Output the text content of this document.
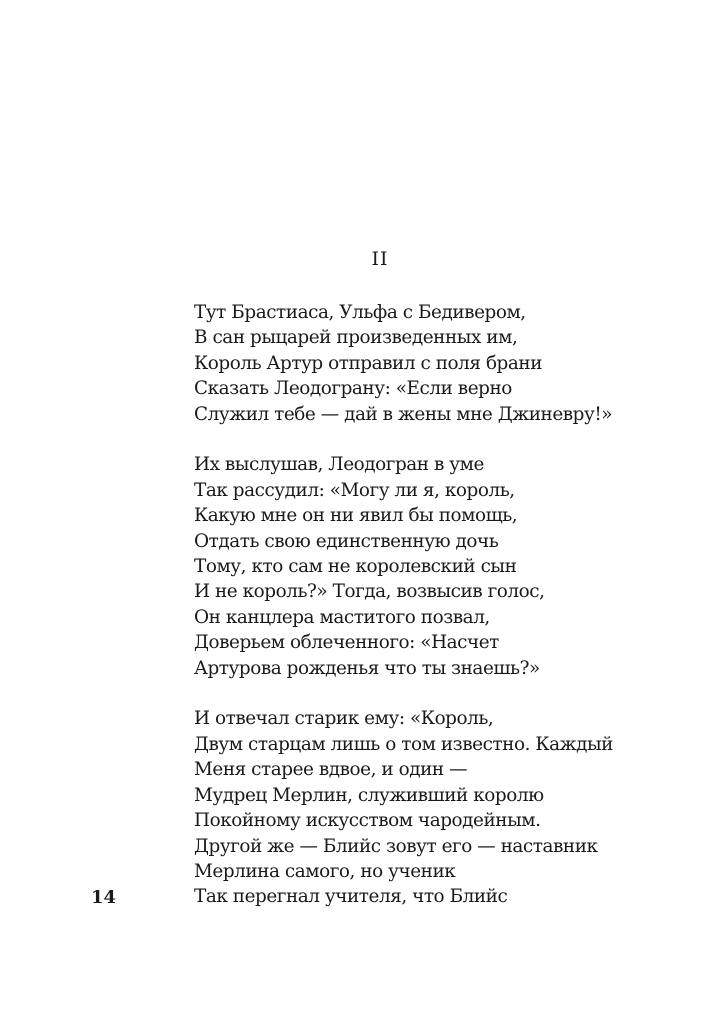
II
Тут Брастиаса, Ульфа с Бедивером,
В сан рыцарей произведенных им,
Король Артур отправил с поля брани
Сказать Леодограну: «Если верно
Служил тебе — дай в жены мне Джиневру!»
Их выслушав, Леодогран в уме
Так рассудил: «Могу ли я, король,
Какую мне он ни явил бы помощь,
Отдать свою единственную дочь
Тому, кто сам не королевский сын
И не король?» Тогда, возвысив голос,
Он канцлера маститого позвал,
Доверьем облеченного: «Насчет
Артурова рожденья что ты знаешь?»
И отвечал старик ему: «Король,
Двум старцам лишь о том известно. Каждый
Меня старее вдвое, и один —
Мудрец Мерлин, служивший королю
Покойному искусством чародейным.
Другой же — Блийс зовут его — наставник
Мерлина самого, но ученик
Так перегнал учителя, что Блийс
14
